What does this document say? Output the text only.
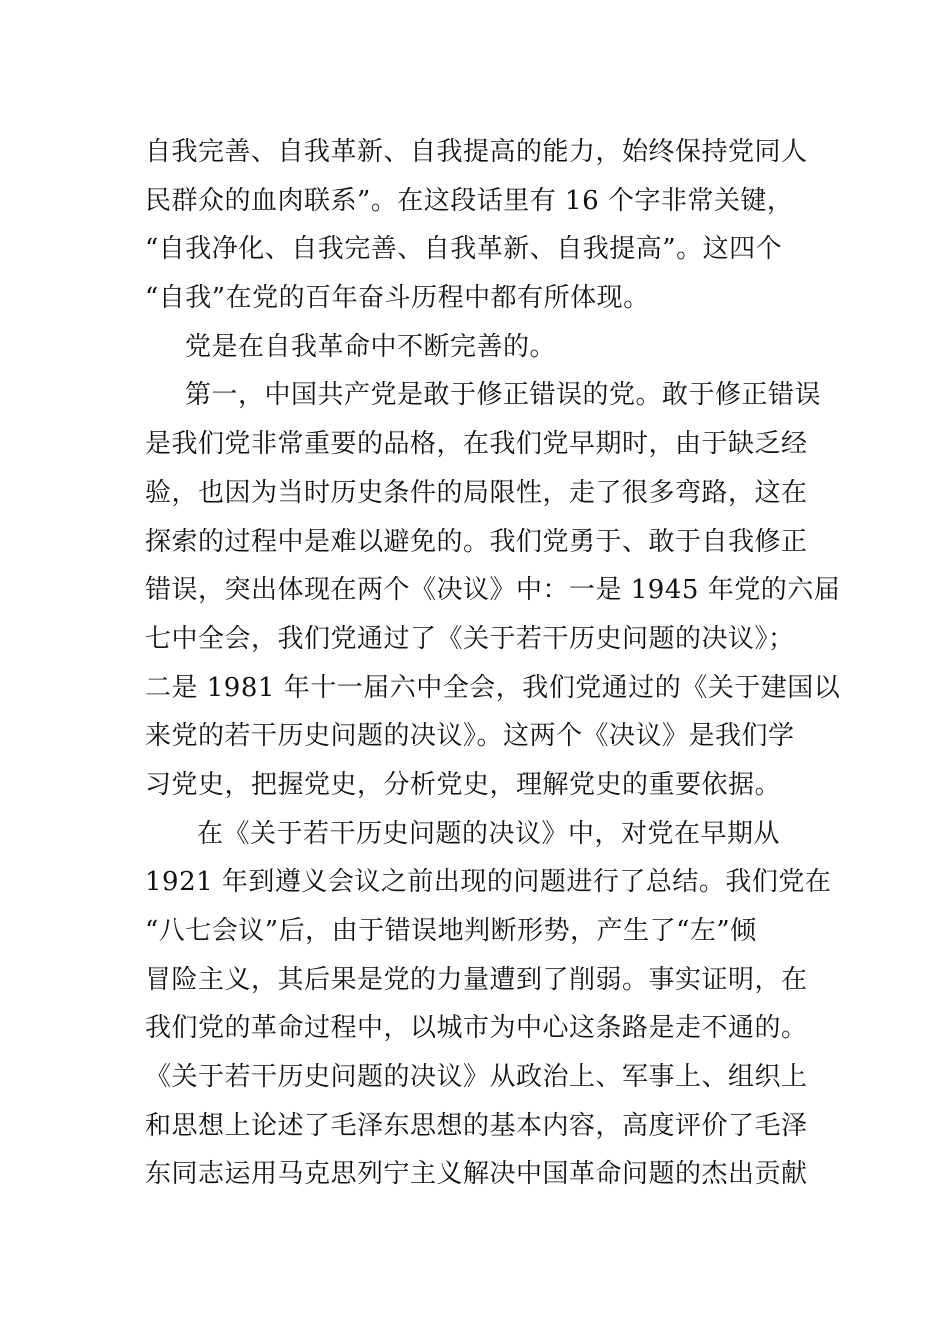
自我完善、自我革新、自我提高的能力，始终保持党同人
民群众的血肉联系”。在这段话里有 16 个字非常关键，
“自我净化、自我完善、自我革新、自我提高”。这四个
“自我”在党的百年奋斗历程中都有所体现。
党是在自我革命中不断完善的。
第一，中国共产党是敢于修正错误的党。敢于修正错误
是我们党非常重要的品格，在我们党早期时，由于缺乏经
验，也因为当时历史条件的局限性，走了很多弯路，这在
探索的过程中是难以避免的。我们党勇于、敢于自我修正
错误，突出体现在两个《决议》中：一是 1945 年党的六届
七中全会，我们党通过了《关于若干历史问题的决议》；
二是 1981 年十一届六中全会，我们党通过的《关于建国以
来党的若干历史问题的决议》。这两个《决议》是我们学
习党史，把握党史，分析党史，理解党史的重要依据。
在《关于若干历史问题的决议》中，对党在早期从
1921 年到遵义会议之前出现的问题进行了总结。我们党在
“八七会议”后，由于错误地判断形势，产生了“左”倾
冒险主义，其后果是党的力量遭到了削弱。事实证明，在
我们党的革命过程中，以城市为中心这条路是走不通的。
《关于若干历史问题的决议》从政治上、军事上、组织上
和思想上论述了毛泽东思想的基本内容，高度评价了毛泽
东同志运用马克思列宁主义解决中国革命问题的杰出贡献
